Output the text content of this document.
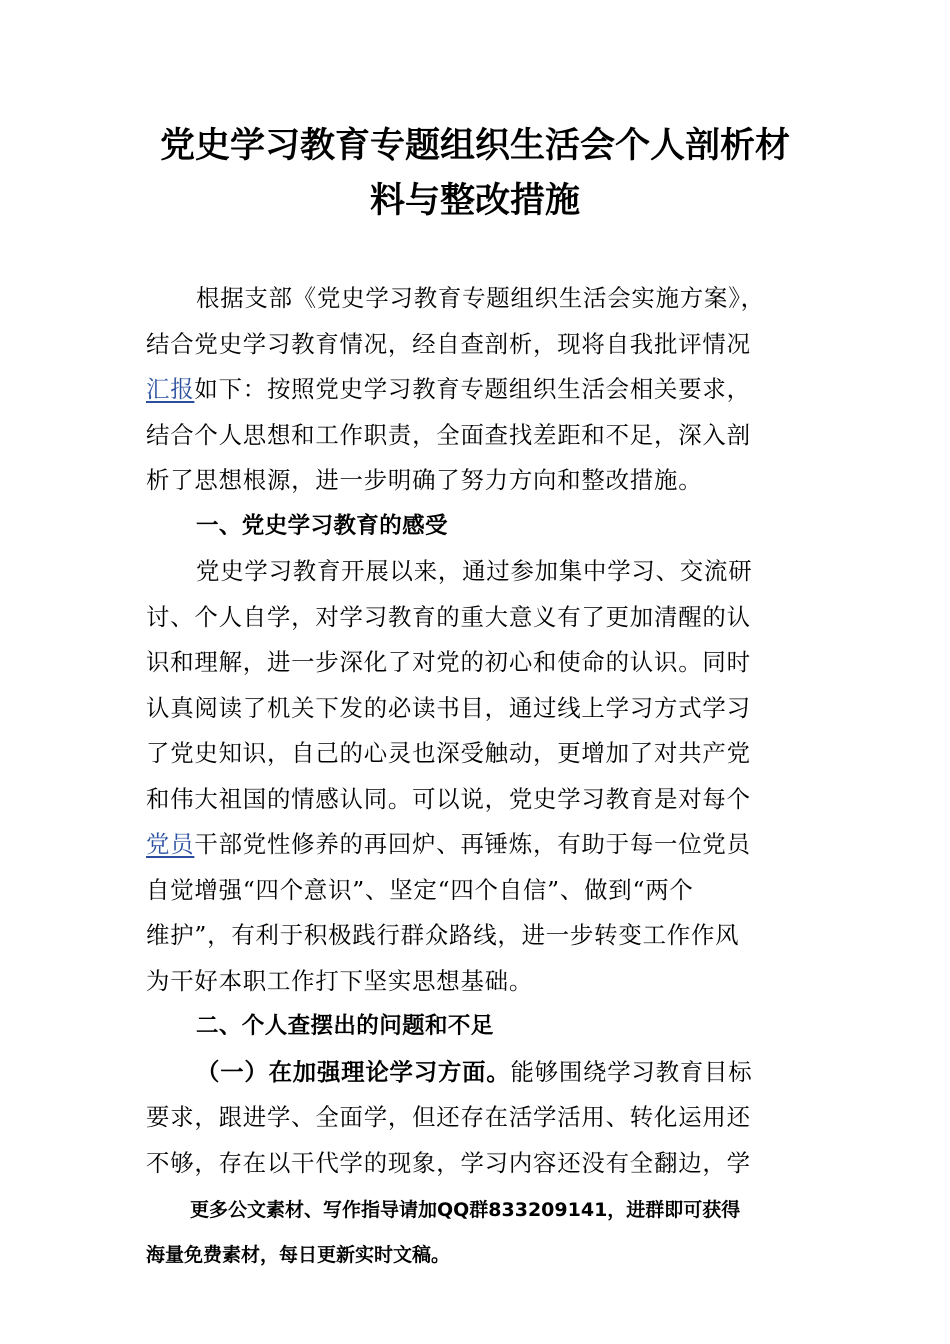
党史学习教育专题组织生活会个人剖析材
料与整改措施
根据支部《党史学习教育专题组织生活会实施方案》，
结合党史学习教育情况，经自查剖析，现将自我批评情况
汇报如下：按照党史学习教育专题组织生活会相关要求，
结合个人思想和工作职责，全面查找差距和不足，深入剖
析了思想根源，进一步明确了努力方向和整改措施。
一、党史学习教育的感受
党史学习教育开展以来，通过参加集中学习、交流研
讨、个人自学，对学习教育的重大意义有了更加清醒的认
识和理解，进一步深化了对党的初心和使命的认识。同时
认真阅读了机关下发的必读书目，通过线上学习方式学习
了党史知识，自己的心灵也深受触动，更增加了对共产党
和伟大祖国的情感认同。可以说，党史学习教育是对每个
党员干部党性修养的再回炉、再锤炼，有助于每一位党员
自觉增强“四个意识”、坚定“四个自信”、做到“两个
维护”，有利于积极践行群众路线，进一步转变工作作风
为干好本职工作打下坚实思想基础。
二、个人查摆出的问题和不足
（一）在加强理论学习方面。能够围绕学习教育目标
要求，跟进学、全面学，但还存在活学活用、转化运用还
不够，存在以干代学的现象，学习内容还没有全翻边，学
更多公文素材、写作指导请加QQ群833209141，进群即可获得
海量免费素材，每日更新实时文稿。
